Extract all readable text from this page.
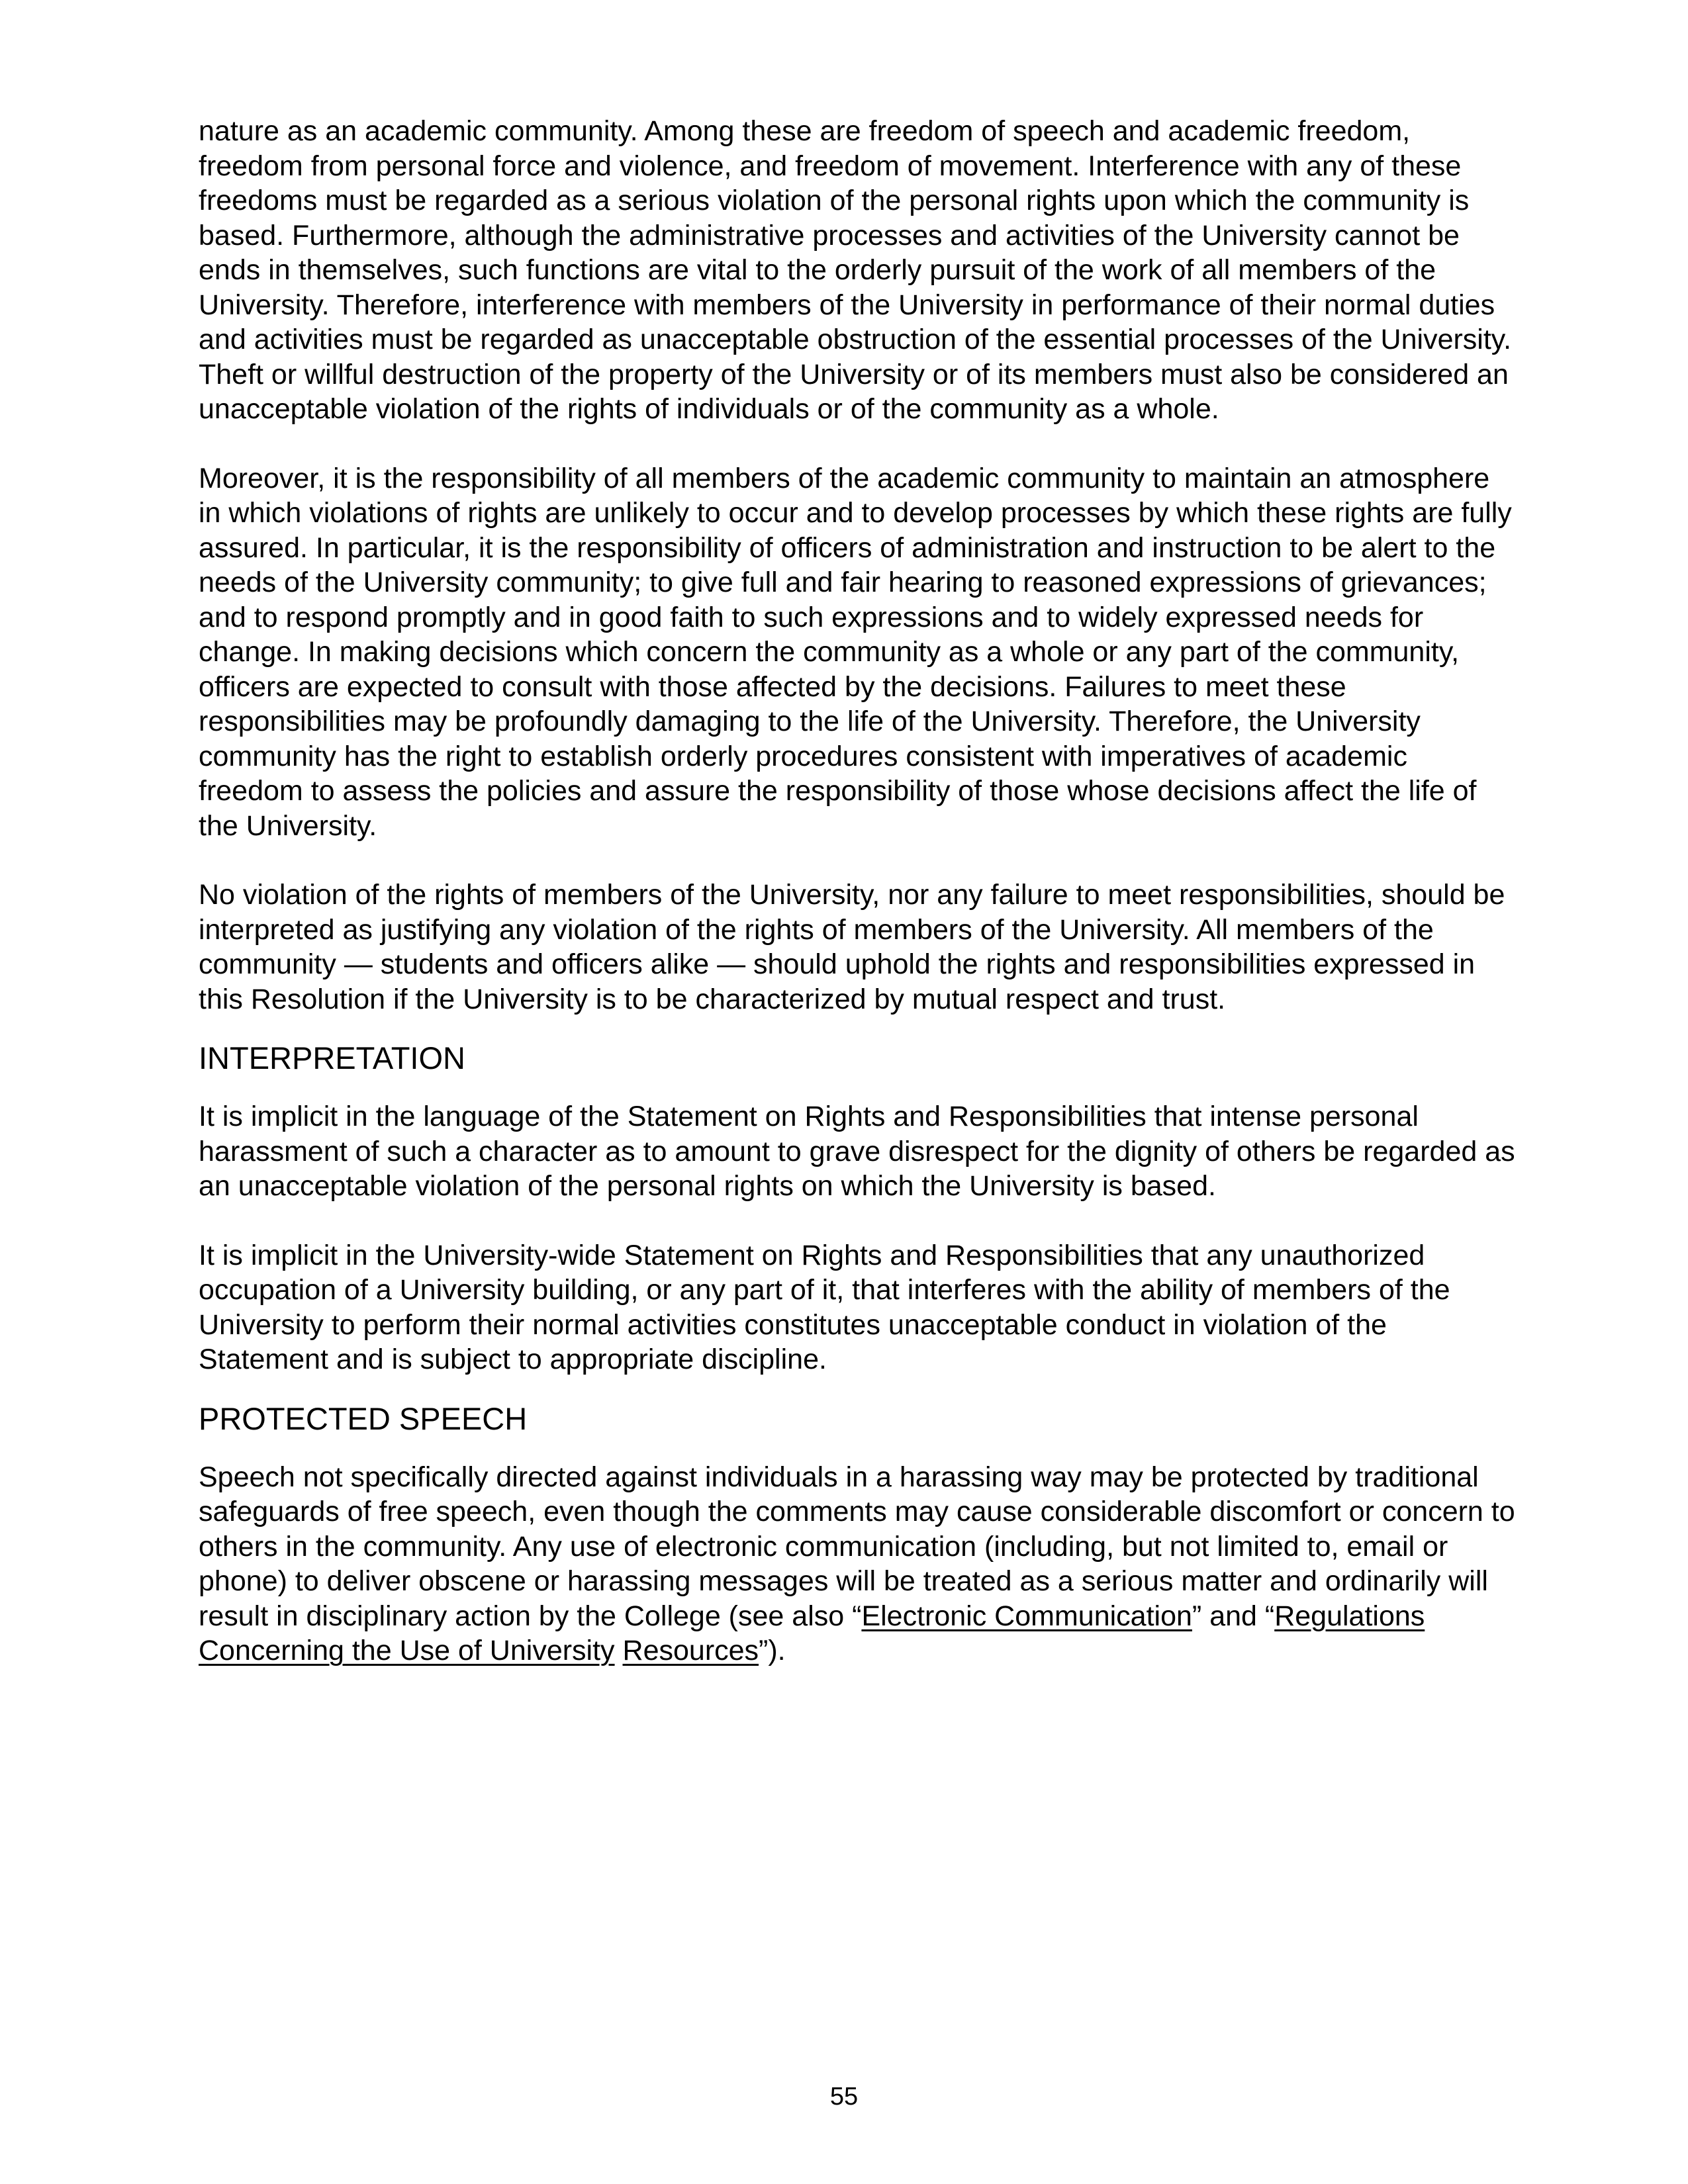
nature as an academic community. Among these are freedom of speech and academic freedom, freedom from personal force and violence, and freedom of movement. Interference with any of these freedoms must be regarded as a serious violation of the personal rights upon which the community is based. Furthermore, although the administrative processes and activities of the University cannot be ends in themselves, such functions are vital to the orderly pursuit of the work of all members of the University. Therefore, interference with members of the University in performance of their normal duties and activities must be regarded as unacceptable obstruction of the essential processes of the University. Theft or willful destruction of the property of the University or of its members must also be considered an unacceptable violation of the rights of individuals or of the community as a whole.

Moreover, it is the responsibility of all members of the academic community to maintain an atmosphere in which violations of rights are unlikely to occur and to develop processes by which these rights are fully assured. In particular, it is the responsibility of officers of administration and instruction to be alert to the needs of the University community; to give full and fair hearing to reasoned expressions of grievances; and to respond promptly and in good faith to such expressions and to widely expressed needs for change. In making decisions which concern the community as a whole or any part of the community, officers are expected to consult with those affected by the decisions. Failures to meet these responsibilities may be profoundly damaging to the life of the University. Therefore, the University community has the right to establish orderly procedures consistent with imperatives of academic freedom to assess the policies and assure the responsibility of those whose decisions affect the life of the University.

No violation of the rights of members of the University, nor any failure to meet responsibilities, should be interpreted as justifying any violation of the rights of members of the University. All members of the community — students and officers alike — should uphold the rights and responsibilities expressed in this Resolution if the University is to be characterized by mutual respect and trust.

INTERPRETATION

It is implicit in the language of the Statement on Rights and Responsibilities that intense personal harassment of such a character as to amount to grave disrespect for the dignity of others be regarded as an unacceptable violation of the personal rights on which the University is based.

It is implicit in the University-wide Statement on Rights and Responsibilities that any unauthorized occupation of a University building, or any part of it, that interferes with the ability of members of the University to perform their normal activities constitutes unacceptable conduct in violation of the Statement and is subject to appropriate discipline.

PROTECTED SPEECH

Speech not specifically directed against individuals in a harassing way may be protected by traditional safeguards of free speech, even though the comments may cause considerable discomfort or concern to others in the community. Any use of electronic communication (including, but not limited to, email or phone) to deliver obscene or harassing messages will be treated as a serious matter and ordinarily will result in disciplinary action by the College (see also “Electronic Communication” and “Regulations Concerning the Use of University Resources”).

55
